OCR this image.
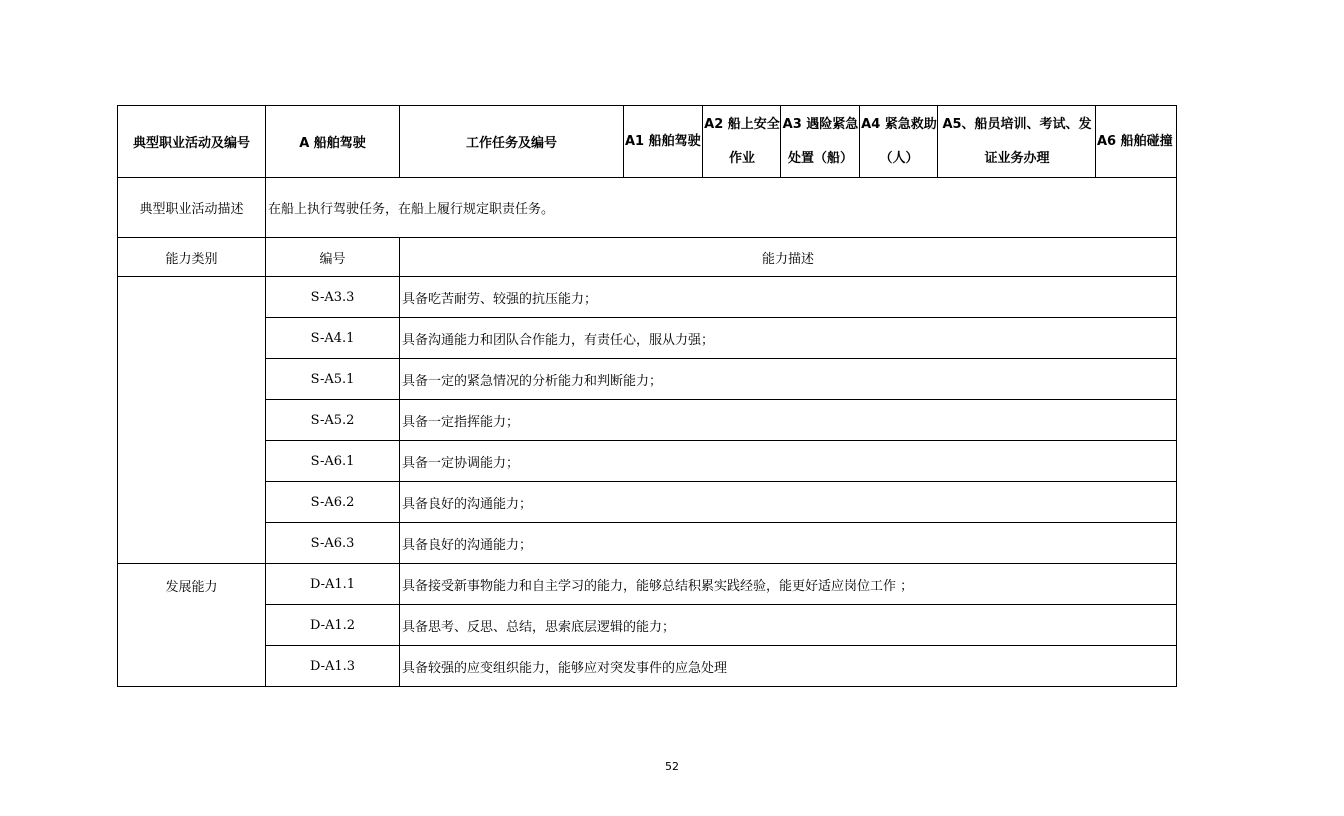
典型职业活动及编号	A 船舶驾驶	工作任务及编号	A1 船舶驾驶	A2 船上安全作业	A3 遇险紧急处置（船）	A4 紧急救助（人）	A5、船员培训、考试、发证业务办理	A6 船舶碰撞
典型职业活动描述	在船上执行驾驶任务，在船上履行规定职责任务。							
能力类别	编号	能力描述						
	S-A3.3	具备吃苦耐劳、较强的抗压能力；						
	S-A4.1	具备沟通能力和团队合作能力，有责任心，服从力强；						
	S-A5.1	具备一定的紧急情况的分析能力和判断能力；						
	S-A5.2	具备一定指挥能力；						
	S-A6.1	具备一定协调能力；						
	S-A6.2	具备良好的沟通能力；						
	S-A6.3	具备良好的沟通能力；						
发展能力	D-A1.1	具备接受新事物能力和自主学习的能力，能够总结积累实践经验，能更好适应岗位工作 ；						
	D-A1.2	具备思考、反思、总结，思索底层逻辑的能力；						
	D-A1.3	具备较强的应变组织能力，能够应对突发事件的应急处理						
52
